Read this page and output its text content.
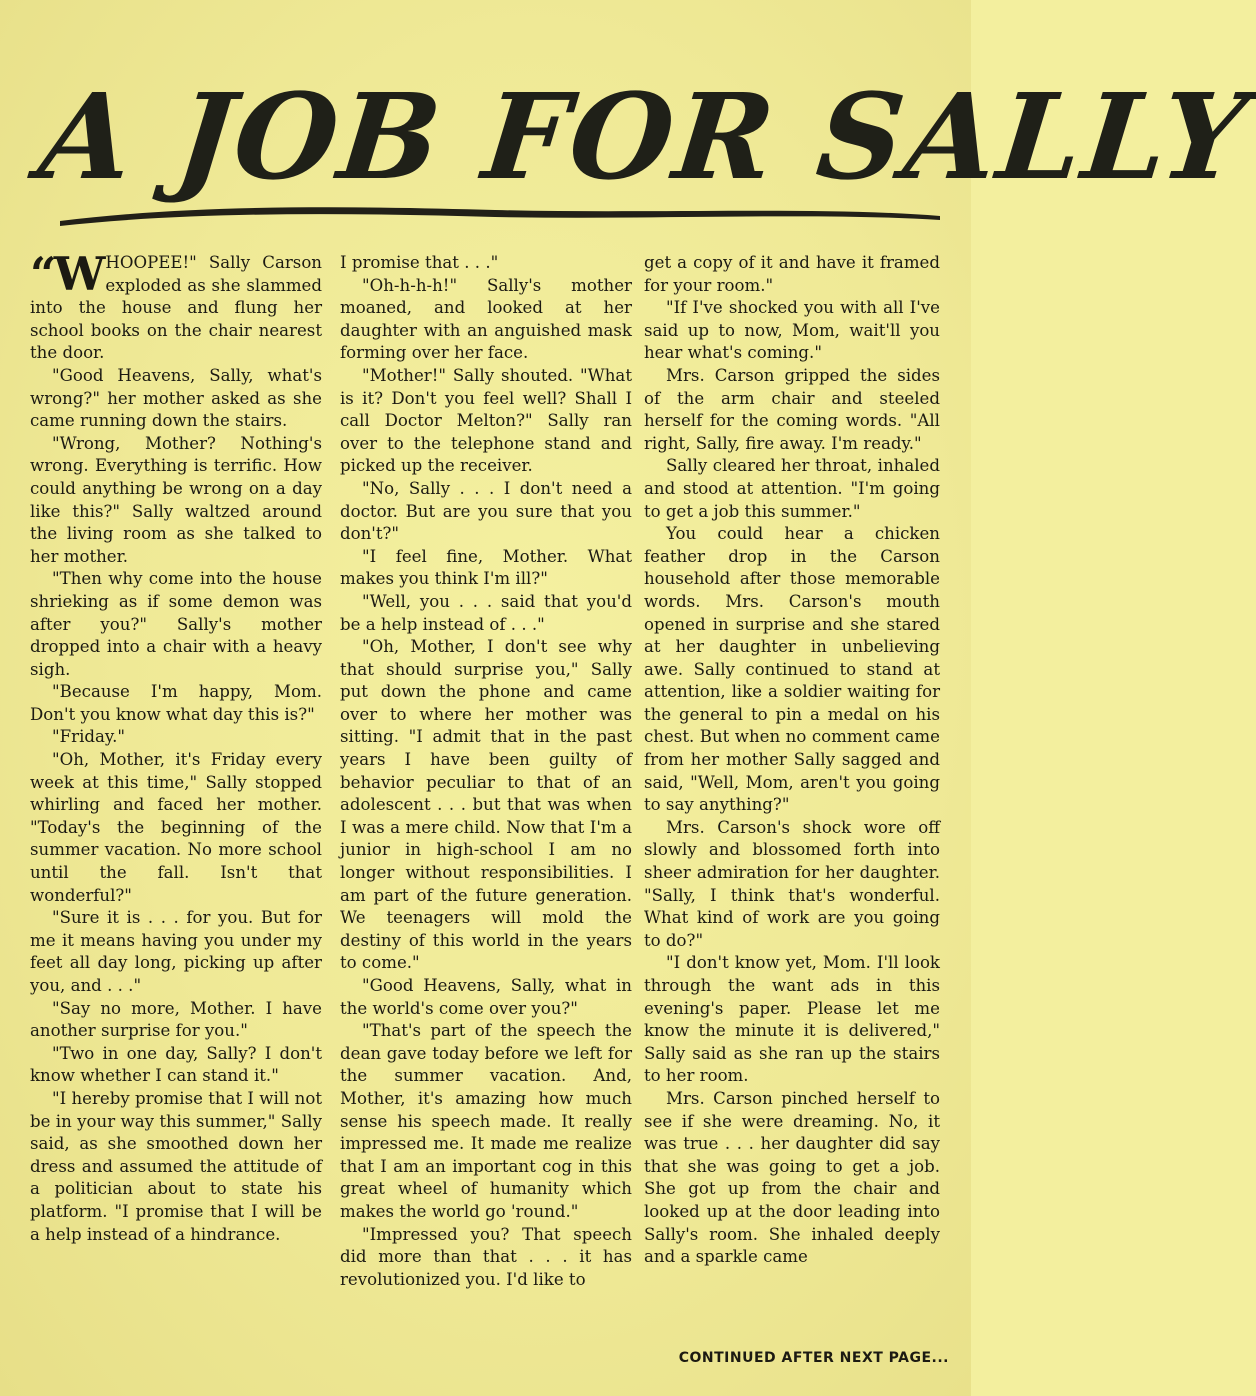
A JOB FOR SALLY

“WHOOPEE!" Sally Carson exploded as she slammed into the house and flung her school books on the chair nearest the door.

"Good Heavens, Sally, what's wrong?" her mother asked as she came running down the stairs.

"Wrong, Mother? Nothing's wrong. Everything is terrific. How could anything be wrong on a day like this?" Sally waltzed around the living room as she talked to her mother.

"Then why come into the house shrieking as if some demon was after you?" Sally's mother dropped into a chair with a heavy sigh.

"Because I'm happy, Mom. Don't you know what day this is?"

"Friday."

"Oh, Mother, it's Friday every week at this time," Sally stopped whirling and faced her mother. "Today's the beginning of the summer vacation. No more school until the fall. Isn't that wonderful?"

"Sure it is . . . for you. But for me it means having you under my feet all day long, picking up after you, and . . ."

"Say no more, Mother. I have another surprise for you."

"Two in one day, Sally? I don't know whether I can stand it."

"I hereby promise that I will not be in your way this summer," Sally said, as she smoothed down her dress and assumed the attitude of a politician about to state his platform. "I promise that I will be a help instead of a hindrance.

I promise that . . ."

"Oh-h-h-h!" Sally's mother moaned, and looked at her daughter with an anguished mask forming over her face.

"Mother!" Sally shouted. "What is it? Don't you feel well? Shall I call Doctor Melton?" Sally ran over to the telephone stand and picked up the receiver.

"No, Sally . . . I don't need a doctor. But are you sure that you don't?"

"I feel fine, Mother. What makes you think I'm ill?"

"Well, you . . . said that you'd be a help instead of . . ."

"Oh, Mother, I don't see why that should surprise you," Sally put down the phone and came over to where her mother was sitting. "I admit that in the past years I have been guilty of behavior peculiar to that of an adolescent . . . but that was when I was a mere child. Now that I'm a junior in high-school I am no longer without responsibilities. I am part of the future generation. We teenagers will mold the destiny of this world in the years to come."

"Good Heavens, Sally, what in the world's come over you?"

"That's part of the speech the dean gave today before we left for the summer vacation. And, Mother, it's amazing how much sense his speech made. It really impressed me. It made me realize that I am an important cog in this great wheel of humanity which makes the world go 'round."

"Impressed you? That speech did more than that . . . it has revolutionized you. I'd like to

get a copy of it and have it framed for your room."

"If I've shocked you with all I've said up to now, Mom, wait'll you hear what's coming."

Mrs. Carson gripped the sides of the arm chair and steeled herself for the coming words. "All right, Sally, fire away. I'm ready."

Sally cleared her throat, inhaled and stood at attention. "I'm going to get a job this summer."

You could hear a chicken feather drop in the Carson household after those memorable words. Mrs. Carson's mouth opened in surprise and she stared at her daughter in unbelieving awe. Sally continued to stand at attention, like a soldier waiting for the general to pin a medal on his chest. But when no comment came from her mother Sally sagged and said, "Well, Mom, aren't you going to say anything?"

Mrs. Carson's shock wore off slowly and blossomed forth into sheer admiration for her daughter. "Sally, I think that's wonderful. What kind of work are you going to do?"

"I don't know yet, Mom. I'll look through the want ads in this evening's paper. Please let me know the minute it is delivered," Sally said as she ran up the stairs to her room.

Mrs. Carson pinched herself to see if she were dreaming. No, it was true . . . her daughter did say that she was going to get a job. She got up from the chair and looked up at the door leading into Sally's room. She inhaled deeply and a sparkle came

CONTINUED AFTER NEXT PAGE...
